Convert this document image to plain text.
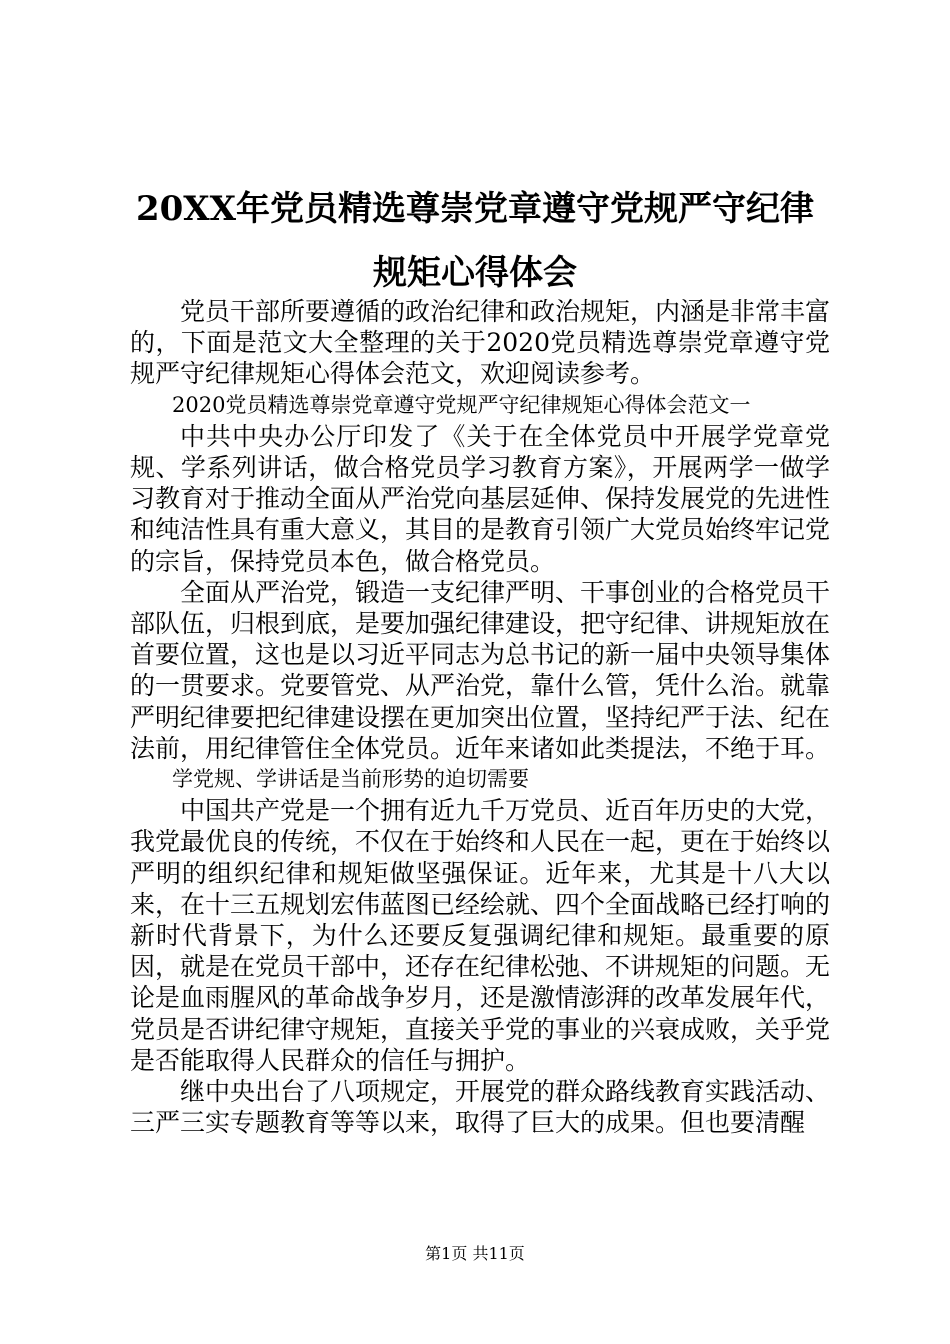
20XX年党员精选尊崇党章遵守党规严守纪律
规矩心得体会

党员干部所要遵循的政治纪律和政治规矩，内涵是非常丰富的，下面是范文大全整理的关于2020党员精选尊崇党章遵守党规严守纪律规矩心得体会范文，欢迎阅读参考。

2020党员精选尊崇党章遵守党规严守纪律规矩心得体会范文一

中共中央办公厅印发了《关于在全体党员中开展学党章党规、学系列讲话，做合格党员学习教育方案》，开展两学一做学习教育对于推动全面从严治党向基层延伸、保持发展党的先进性和纯洁性具有重大意义，其目的是教育引领广大党员始终牢记党的宗旨，保持党员本色，做合格党员。

全面从严治党，锻造一支纪律严明、干事创业的合格党员干部队伍，归根到底，是要加强纪律建设，把守纪律、讲规矩放在首要位置，这也是以习近平同志为总书记的新一届中央领导集体的一贯要求。党要管党、从严治党，靠什么管，凭什么治。就靠严明纪律要把纪律建设摆在更加突出位置，坚持纪严于法、纪在法前，用纪律管住全体党员。近年来诸如此类提法，不绝于耳。

学党规、学讲话是当前形势的迫切需要

中国共产党是一个拥有近九千万党员、近百年历史的大党，我党最优良的传统，不仅在于始终和人民在一起，更在于始终以严明的组织纪律和规矩做坚强保证。近年来，尤其是十八大以来，在十三五规划宏伟蓝图已经绘就、四个全面战略已经打响的新时代背景下，为什么还要反复强调纪律和规矩。最重要的原因，就是在党员干部中，还存在纪律松弛、不讲规矩的问题。无论是血雨腥风的革命战争岁月，还是激情澎湃的改革发展年代，党员是否讲纪律守规矩，直接关乎党的事业的兴衰成败，关乎党是否能取得人民群众的信任与拥护。

继中央出台了八项规定，开展党的群众路线教育实践活动、三严三实专题教育等等以来，取得了巨大的成果。但也要清醒

第1页 共11页
